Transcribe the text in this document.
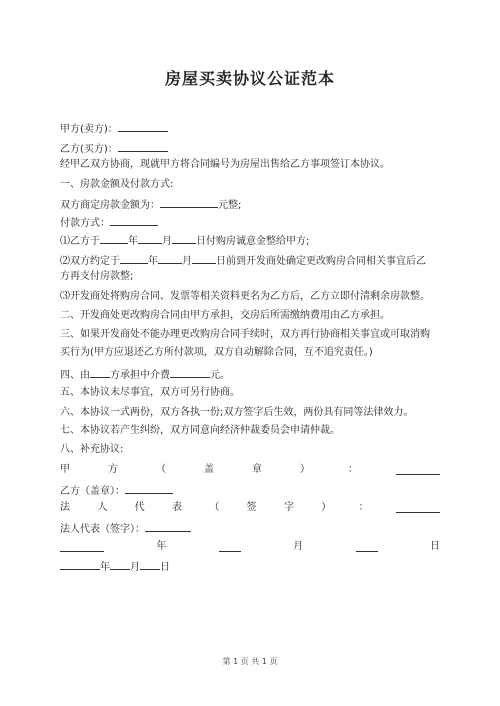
房屋买卖协议公证范本
甲方(卖方)：
乙方(买方)：
经甲乙双方协商，现就甲方将合同编号为房屋出售给乙方事项签订本协议。
一、房款金额及付款方式:
双方商定房款金额为：	元整;
付款方式：
⑴乙方于	年 月 日付购房诚意金整给甲方;
⑵双方约定于	年 月 日前到开发商处确定更改购房合同相关事宜后乙
方再支付房款整;
⑶开发商处将购房合同、发票等相关资料更名为乙方后，乙方立即付清剩余房款整。
二、开发商处更改购房合同由甲方承担，交房后所需缴纳费用由乙方承担。
三、如果开发商处不能办理更改购房合同手续时，双方再行协商相关事宜或可取消购
买行为(甲方应退还乙方所付款项，双方自动解除合同，互不追究责任。)
四、由 方承担中介费	元。
五、本协议未尽事宜，双方可另行协商。
六、本协议一式两份，双方各执一份;双方签字后生效，两份具有同等法律效力。
七、本协议若产生纠纷，双方同意向经济仲裁委员会申请仲裁。
八、补充协议:
甲	方	（	盖	章	）	：
乙方（盖章）：
法	人	代	表	（	签	字	）	：
法人代表（签字）：
年	月	日
年 月 日
第 1 页 共 1 页
